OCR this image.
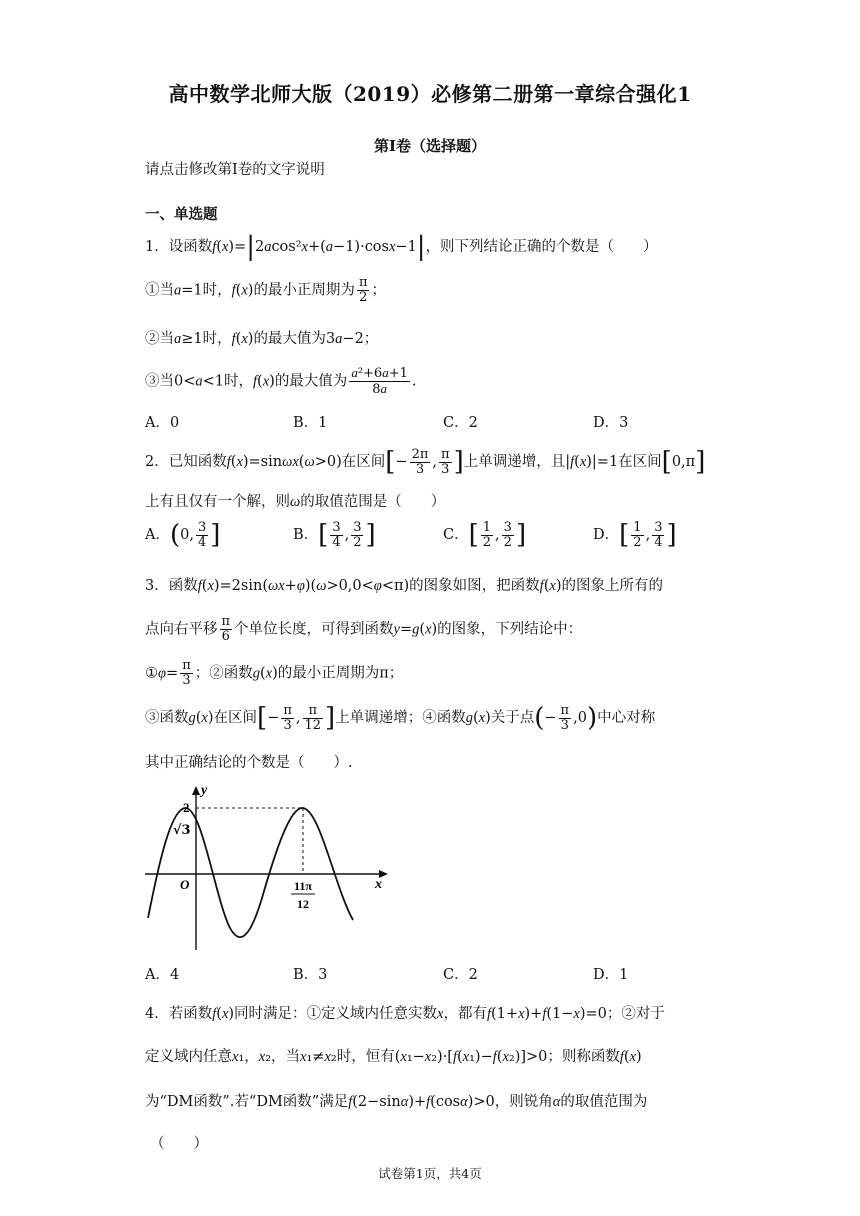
高中数学北师大版（2019）必修第二册第一章综合强化1
第I卷（选择题）
请点击修改第I卷的文字说明
一、单选题
1．设函数f(x)=|2acos²x+(a−1)·cosx−1|，则下列结论正确的个数是（　　）
①当a=1时，f(x)的最小正周期为 $\frac{\pi}{2}$ ；
②当a≥1时，f(x)的最大值为3a−2；
③当0<a<1时，f(x)的最大值为 $\frac{\text{a²+6a+1}}{8a}$ .
A．0	B．1	C．2	D．3
2．已知函数f(x)=sinωx(ω>0)在区间[− $\frac{2\pi}{3}$ , $\frac{\pi}{3}$ ]上单调递增，且|f(x)|=1在区间[0,π]
上有且仅有一个解，则ω的取值范围是（　　）
A．(0, $\frac{3}{4}$ ]	B．[ $\frac{3}{4}$ , $\frac{3}{2}$ ]	C．[ $\frac{1}{2}$ , $\frac{3}{2}$ ]	D．[ $\frac{1}{2}$ , $\frac{3}{4}$ ]
3．函数f(x)=2sin(ωx+φ)(ω>0,0<φ<π)的图象如图，把函数f(x)的图象上所有的
点向右平移 $\frac{\pi}{6}$ 个单位长度，可得到函数y=g(x)的图象，下列结论中：
①φ= $\frac{\pi}{3}$ ；②函数g(x)的最小正周期为π；
③函数g(x)在区间[− $\frac{\pi}{3}$ , $\frac{\pi}{12}$ ]上单调递增；④函数g(x)关于点(− $\frac{\pi}{3} ,0$)中心对称
其中正确结论的个数是（　　）.
y
x
O
2
√3
11π
12
A．4	B．3	C．2	D．1
4．若函数f(x)同时满足：①定义域内任意实数x，都有f(1+x)+f(1−x)=0；②对于
定义域内任意x₁，x₂，当x₁≠x₂时，恒有(x₁−x₂)·[f(x₁)−f(x₂)]>0；则称函数f(x)
为“DM函数”.若“DM函数”满足f(2−sinα)+f(cosα)>0，则锐角α的取值范围为
（　　）
试卷第1页，共4页
